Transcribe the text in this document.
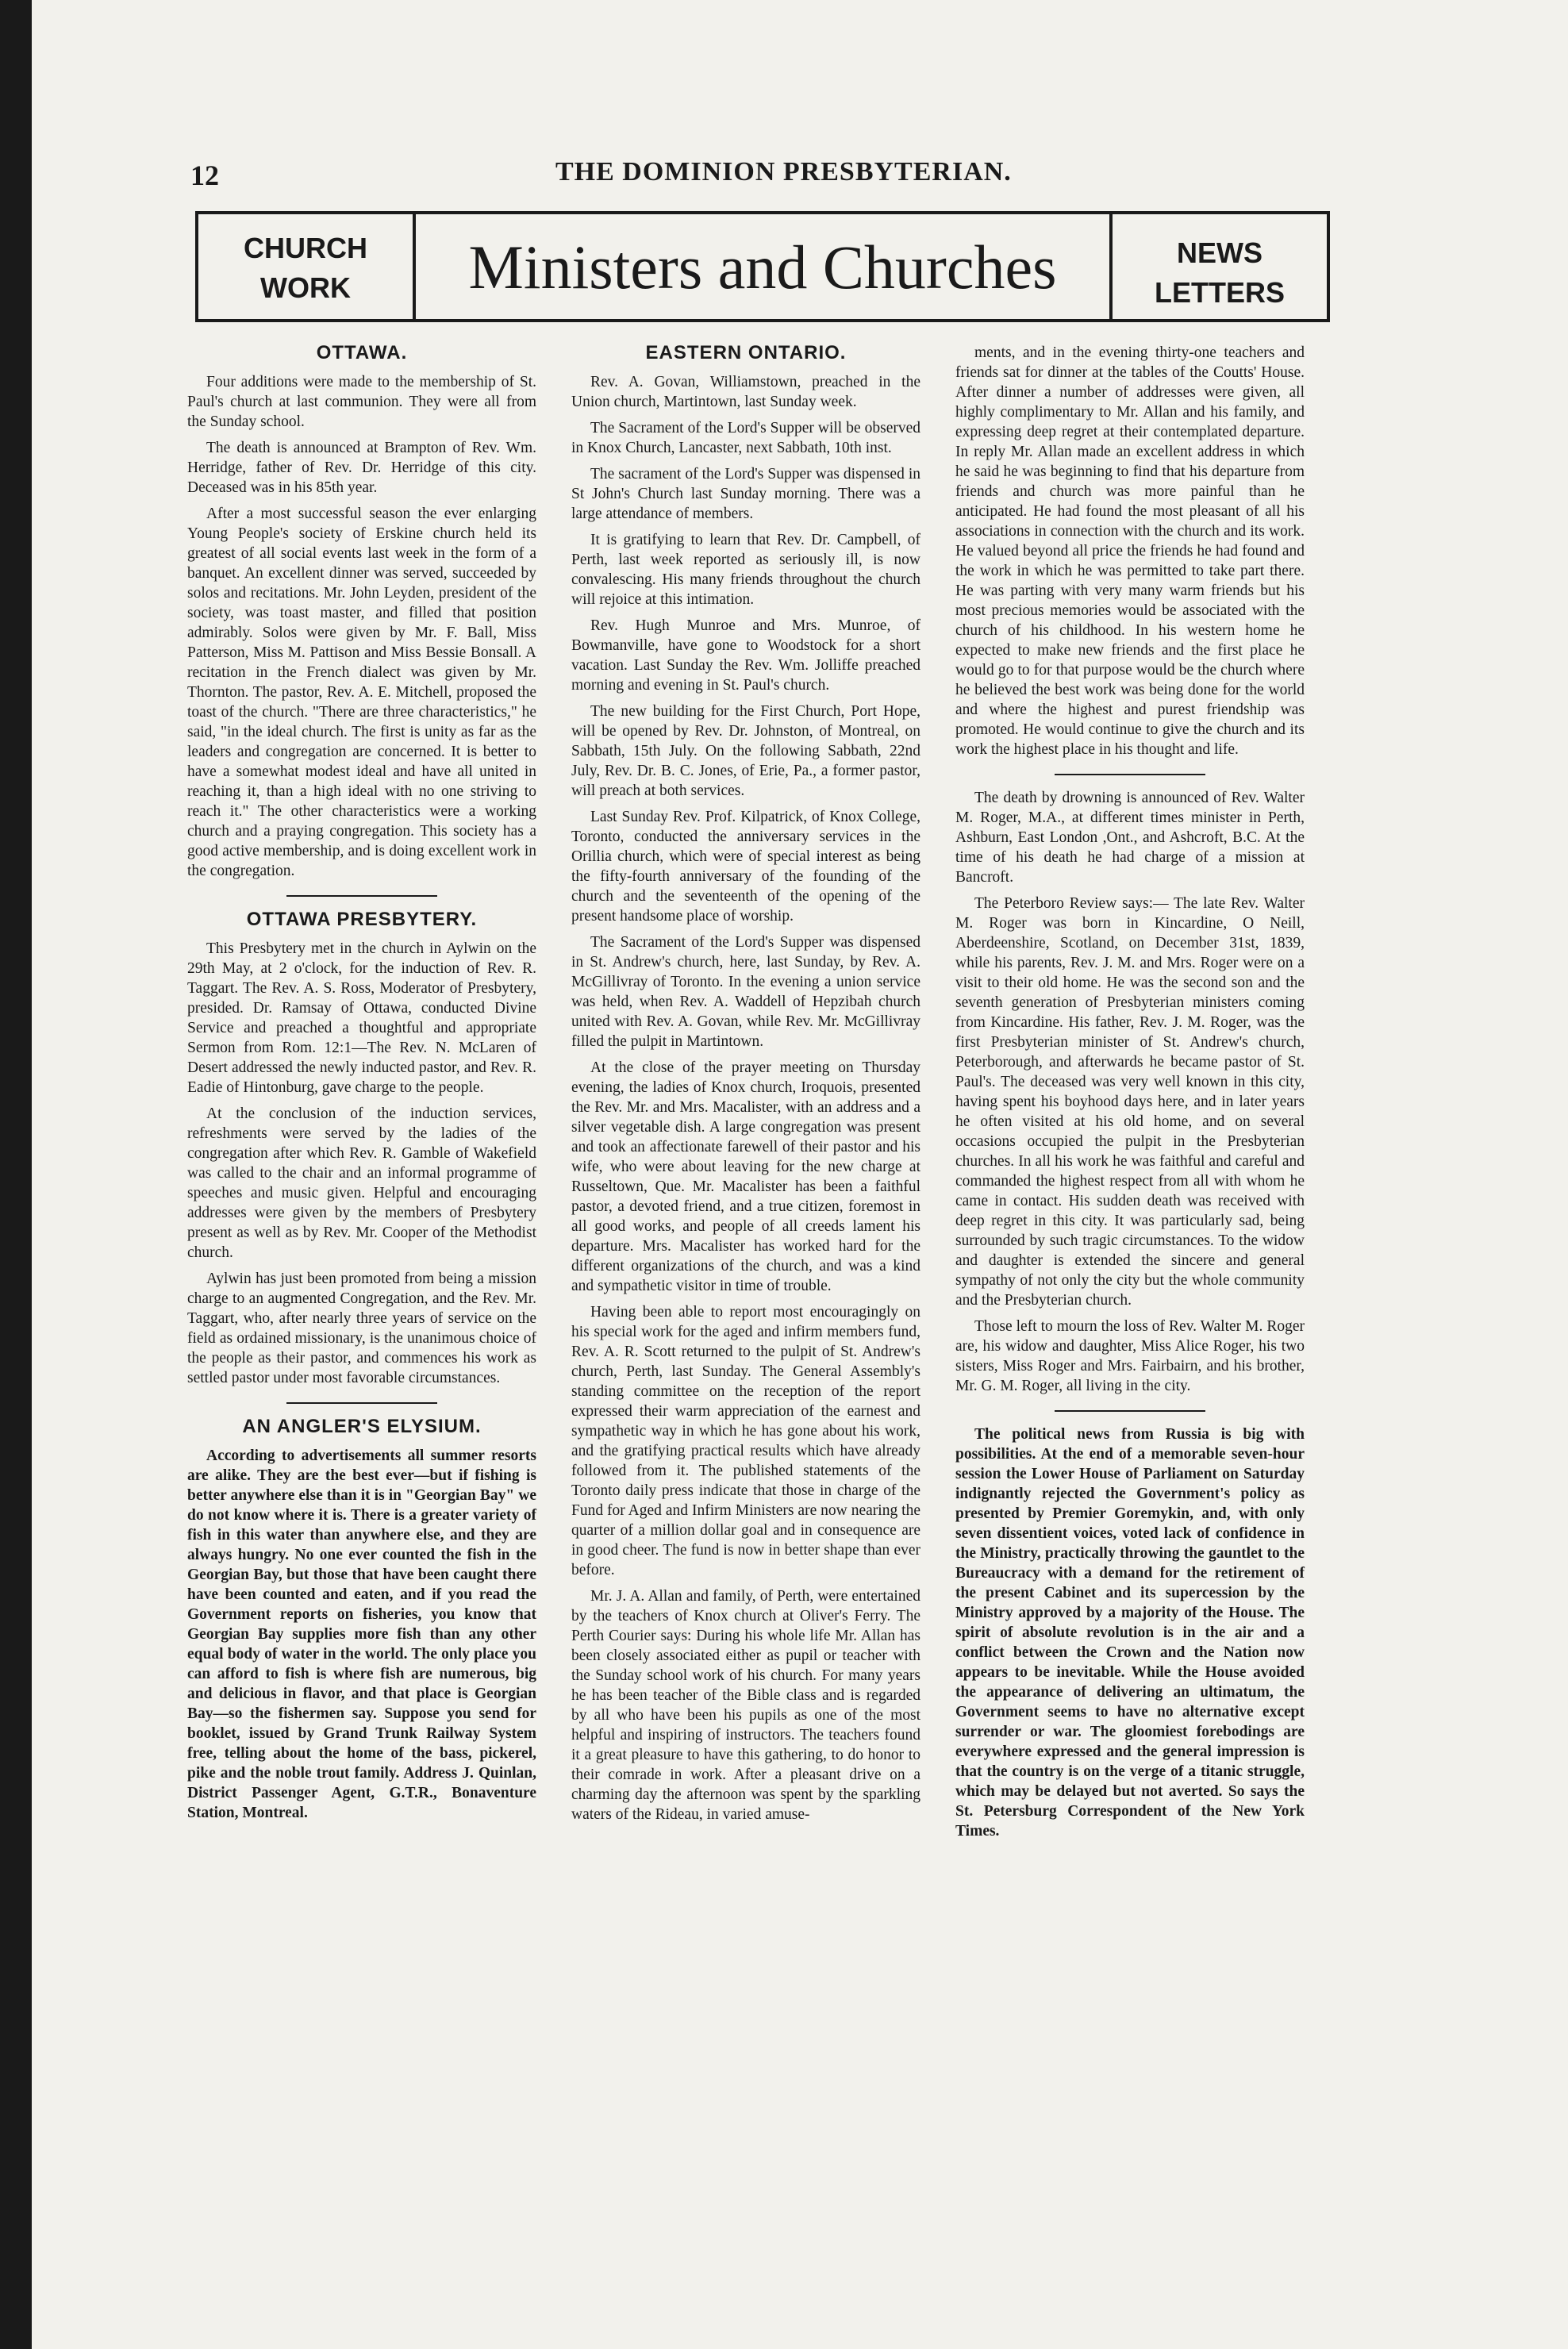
12	THE DOMINION PRESBYTERIAN.
CHURCH
WORK	Ministers and Churches	NEWS
LETTERS
OTTAWA.

Four additions were made to the membership of St. Paul's church at last communion. They were all from the Sunday school.

The death is announced at Brampton of Rev. Wm. Herridge, father of Rev. Dr. Herridge of this city. Deceased was in his 85th year.

After a most successful season the ever enlarging Young People's society of Erskine church held its greatest of all social events last week in the form of a banquet. An excellent dinner was served, succeeded by solos and recitations. Mr. John Leyden, president of the society, was toast master, and filled that position admirably. Solos were given by Mr. F. Ball, Miss Patterson, Miss M. Pattison and Miss Bessie Bonsall. A recitation in the French dialect was given by Mr. Thornton. The pastor, Rev. A. E. Mitchell, proposed the toast of the church. "There are three characteristics," he said, "in the ideal church. The first is unity as far as the leaders and congregation are concerned. It is better to have a somewhat modest ideal and have all united in reaching it, than a high ideal with no one striving to reach it." The other characteristics were a working church and a praying congregation. This society has a good active membership, and is doing excellent work in the congregation.

OTTAWA PRESBYTERY.

This Presbytery met in the church in Aylwin on the 29th May, at 2 o'clock, for the induction of Rev. R. Taggart. The Rev. A. S. Ross, Moderator of Presbytery, presided. Dr. Ramsay of Ottawa, conducted Divine Service and preached a thoughtful and appropriate Sermon from Rom. 12:1—The Rev. N. McLaren of Desert addressed the newly inducted pastor, and Rev. R. Eadie of Hintonburg, gave charge to the people.

At the conclusion of the induction services, refreshments were served by the ladies of the congregation after which Rev. R. Gamble of Wakefield was called to the chair and an informal programme of speeches and music given. Helpful and encouraging addresses were given by the members of Presbytery present as well as by Rev. Mr. Cooper of the Methodist church.

Aylwin has just been promoted from being a mission charge to an augmented Congregation, and the Rev. Mr. Taggart, who, after nearly three years of service on the field as ordained missionary, is the unanimous choice of the people as their pastor, and commences his work as settled pastor under most favorable circumstances.

AN ANGLER'S ELYSIUM.

According to advertisements all summer resorts are alike. They are the best ever—but if fishing is better anywhere else than it is in "Georgian Bay" we do not know where it is. There is a greater variety of fish in this water than anywhere else, and they are always hungry. No one ever counted the fish in the Georgian Bay, but those that have been caught there have been counted and eaten, and if you read the Government reports on fisheries, you know that Georgian Bay supplies more fish than any other equal body of water in the world. The only place you can afford to fish is where fish are numerous, big and delicious in flavor, and that place is Georgian Bay—so the fishermen say. Suppose you send for booklet, issued by Grand Trunk Railway System free, telling about the home of the bass, pickerel, pike and the noble trout family. Address J. Quinlan, District Passenger Agent, G.T.R., Bonaventure Station, Montreal.

EASTERN ONTARIO.

Rev. A. Govan, Williamstown, preached in the Union church, Martintown, last Sunday week.

The Sacrament of the Lord's Supper will be observed in Knox Church, Lancaster, next Sabbath, 10th inst.

The sacrament of the Lord's Supper was dispensed in St John's Church last Sunday morning. There was a large attendance of members.

It is gratifying to learn that Rev. Dr. Campbell, of Perth, last week reported as seriously ill, is now convalescing. His many friends throughout the church will rejoice at this intimation.

Rev. Hugh Munroe and Mrs. Munroe, of Bowmanville, have gone to Woodstock for a short vacation. Last Sunday the Rev. Wm. Jolliffe preached morning and evening in St. Paul's church.

The new building for the First Church, Port Hope, will be opened by Rev. Dr. Johnston, of Montreal, on Sabbath, 15th July. On the following Sabbath, 22nd July, Rev. Dr. B. C. Jones, of Erie, Pa., a former pastor, will preach at both services.

Last Sunday Rev. Prof. Kilpatrick, of Knox College, Toronto, conducted the anniversary services in the Orillia church, which were of special interest as being the fifty-fourth anniversary of the founding of the church and the seventeenth of the opening of the present handsome place of worship.

The Sacrament of the Lord's Supper was dispensed in St. Andrew's church, here, last Sunday, by Rev. A. McGillivray of Toronto. In the evening a union service was held, when Rev. A. Waddell of Hepzibah church united with Rev. A. Govan, while Rev. Mr. McGillivray filled the pulpit in Martintown.

At the close of the prayer meeting on Thursday evening, the ladies of Knox church, Iroquois, presented the Rev. Mr. and Mrs. Macalister, with an address and a silver vegetable dish. A large congregation was present and took an affectionate farewell of their pastor and his wife, who were about leaving for the new charge at Russeltown, Que. Mr. Macalister has been a faithful pastor, a devoted friend, and a true citizen, foremost in all good works, and people of all creeds lament his departure. Mrs. Macalister has worked hard for the different organizations of the church, and was a kind and sympathetic visitor in time of trouble.

Having been able to report most encouragingly on his special work for the aged and infirm members fund, Rev. A. R. Scott returned to the pulpit of St. Andrew's church, Perth, last Sunday. The General Assembly's standing committee on the reception of the report expressed their warm appreciation of the earnest and sympathetic way in which he has gone about his work, and the gratifying practical results which have already followed from it. The published statements of the Toronto daily press indicate that those in charge of the Fund for Aged and Infirm Ministers are now nearing the quarter of a million dollar goal and in consequence are in good cheer. The fund is now in better shape than ever before.

Mr. J. A. Allan and family, of Perth, were entertained by the teachers of Knox church at Oliver's Ferry. The Perth Courier says: During his whole life Mr. Allan has been closely associated either as pupil or teacher with the Sunday school work of his church. For many years he has been teacher of the Bible class and is regarded by all who have been his pupils as one of the most helpful and inspiring of instructors. The teachers found it a great pleasure to have this gathering, to do honor to their comrade in work. After a pleasant drive on a charming day the afternoon was spent by the sparkling waters of the Rideau, in varied amuse-

ments, and in the evening thirty-one teachers and friends sat for dinner at the tables of the Coutts' House. After dinner a number of addresses were given, all highly complimentary to Mr. Allan and his family, and expressing deep regret at their contemplated departure. In reply Mr. Allan made an excellent address in which he said he was beginning to find that his departure from friends and church was more painful than he anticipated. He had found the most pleasant of all his associations in connection with the church and its work. He valued beyond all price the friends he had found and the work in which he was permitted to take part there. He was parting with very many warm friends but his most precious memories would be associated with the church of his childhood. In his western home he expected to make new friends and the first place he would go to for that purpose would be the church where he believed the best work was being done for the world and where the highest and purest friendship was promoted. He would continue to give the church and its work the highest place in his thought and life.

The death by drowning is announced of Rev. Walter M. Roger, M.A., at different times minister in Perth, Ashburn, East London ,Ont., and Ashcroft, B.C. At the time of his death he had charge of a mission at Bancroft.

The Peterboro Review says:— The late Rev. Walter M. Roger was born in Kincardine, O Neill, Aberdeenshire, Scotland, on December 31st, 1839, while his parents, Rev. J. M. and Mrs. Roger were on a visit to their old home. He was the second son and the seventh generation of Presbyterian ministers coming from Kincardine. His father, Rev. J. M. Roger, was the first Presbyterian minister of St. Andrew's church, Peterborough, and afterwards he became pastor of St. Paul's. The deceased was very well known in this city, having spent his boyhood days here, and in later years he often visited at his old home, and on several occasions occupied the pulpit in the Presbyterian churches. In all his work he was faithful and careful and commanded the highest respect from all with whom he came in contact. His sudden death was received with deep regret in this city. It was particularly sad, being surrounded by such tragic circumstances. To the widow and daughter is extended the sincere and general sympathy of not only the city but the whole community and the Presbyterian church.

Those left to mourn the loss of Rev. Walter M. Roger are, his widow and daughter, Miss Alice Roger, his two sisters, Miss Roger and Mrs. Fairbairn, and his brother, Mr. G. M. Roger, all living in the city.

The political news from Russia is big with possibilities. At the end of a memorable seven-hour session the Lower House of Parliament on Saturday indignantly rejected the Government's policy as presented by Premier Goremykin, and, with only seven dissentient voices, voted lack of confidence in the Ministry, practically throwing the gauntlet to the Bureaucracy with a demand for the retirement of the present Cabinet and its supercession by the Ministry approved by a majority of the House. The spirit of absolute revolution is in the air and a conflict between the Crown and the Nation now appears to be inevitable. While the House avoided the appearance of delivering an ultimatum, the Government seems to have no alternative except surrender or war. The gloomiest forebodings are everywhere expressed and the general impression is that the country is on the verge of a titanic struggle, which may be delayed but not averted. So says the St. Petersburg Correspondent of the New York Times.
